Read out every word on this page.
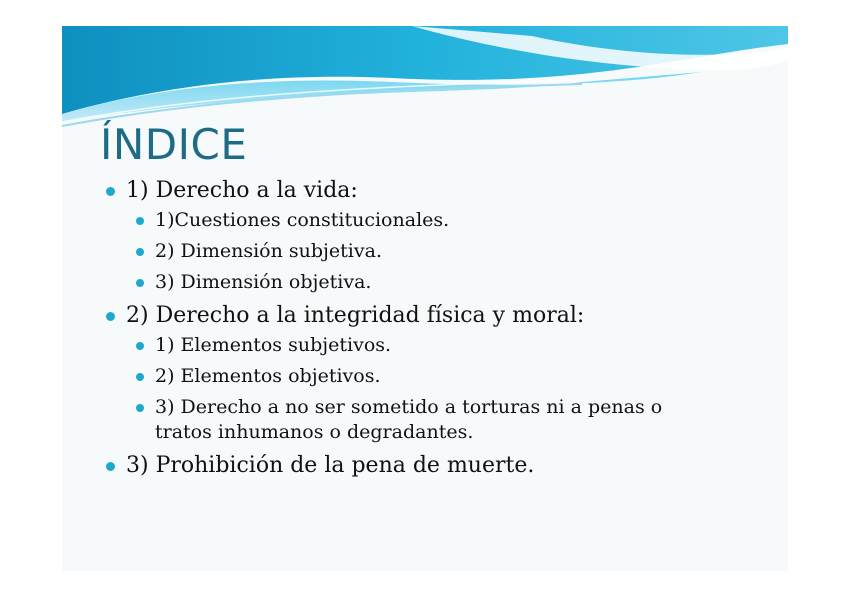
ÍNDICE
1) Derecho a la vida:
1)Cuestiones constitucionales.
2) Dimensión subjetiva.
3) Dimensión objetiva.
2) Derecho a la integridad física y moral:
1) Elementos subjetivos.
2) Elementos objetivos.
3) Derecho a no ser sometido a torturas ni a penas o
tratos inhumanos o degradantes.
3) Prohibición de la pena de muerte.
